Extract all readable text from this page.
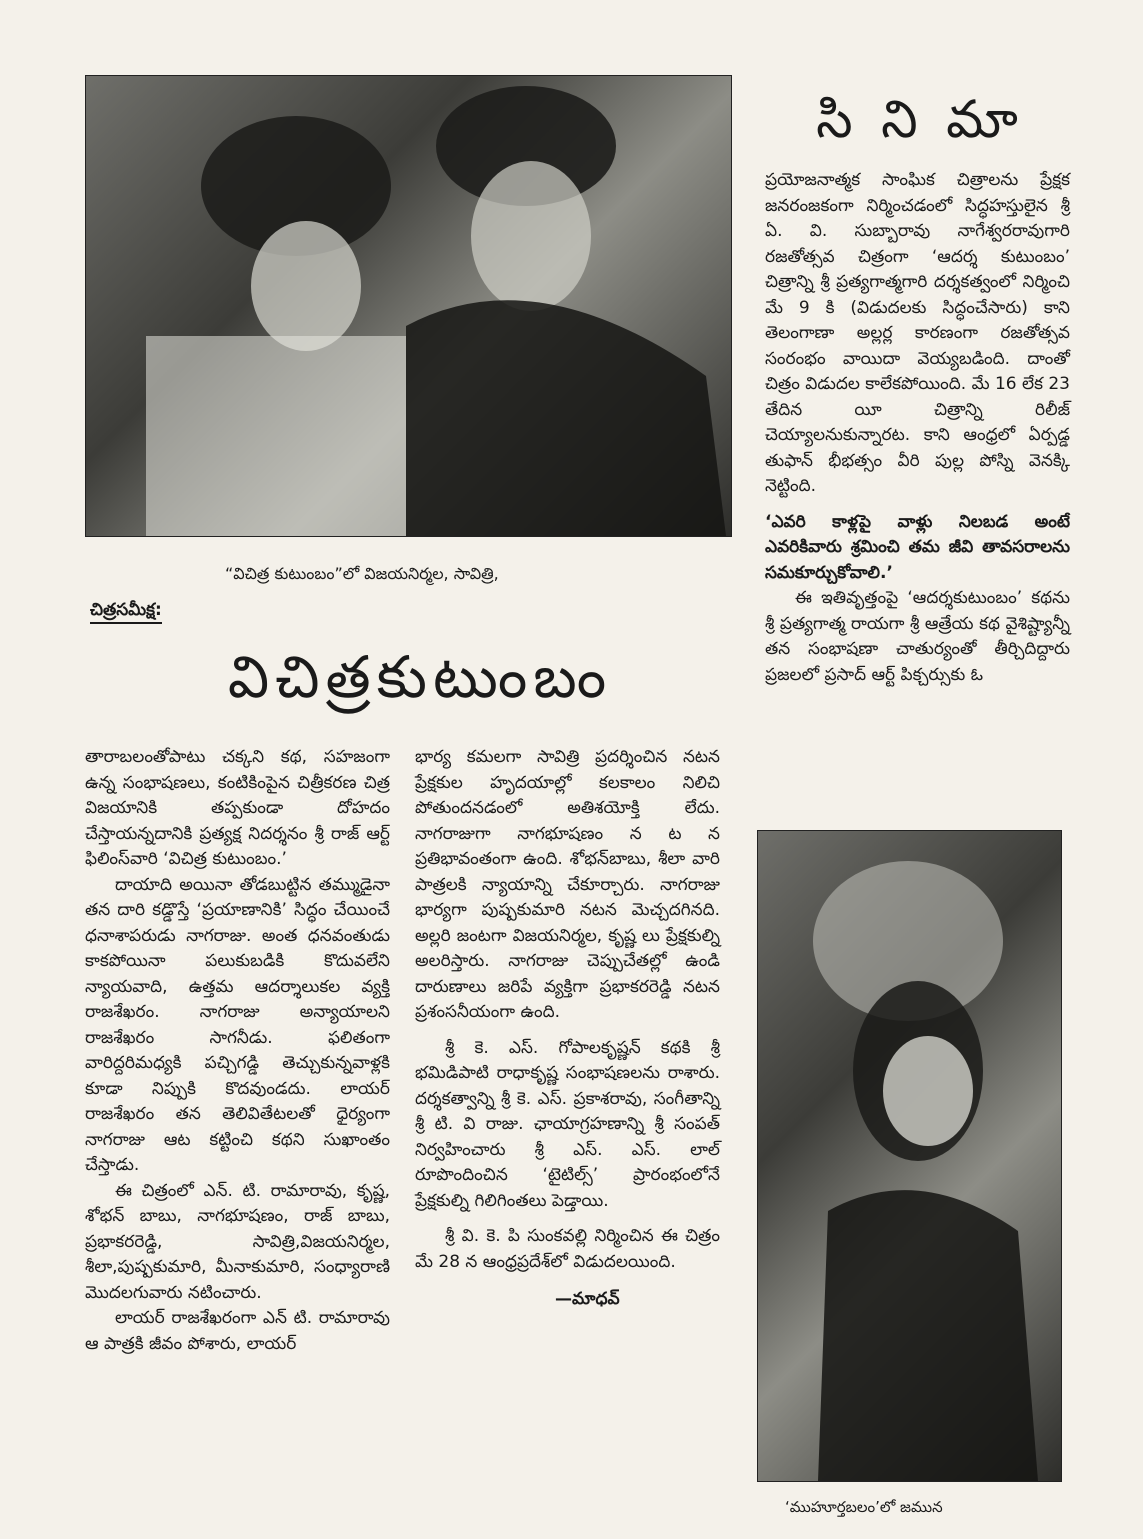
సి ని మా

ప్రయోజనాత్మక సాంఘిక చిత్రాలను ప్రేక్షక జనరంజకంగా నిర్మించడంలో సిద్ధహస్తులైన శ్రీ ఏ. వి. సుబ్బారావు నాగేశ్వరరావుగారి రజతోత్సవ చిత్రంగా ‘ఆదర్శ కుటుంబం’ చిత్రాన్ని శ్రీ ప్రత్యగాత్మగారి దర్శకత్వంలో నిర్మించి మే 9 కి (విడుదలకు సిద్ధంచేసారు) కాని తెలంగాణా అల్లర్ల కారణంగా రజతోత్సవ సంరంభం వాయిదా వెయ్యబడింది. దాంతో చిత్రం విడుదల కాలేకపోయింది. మే 16 లేక 23 తేదిన యీ చిత్రాన్ని రిలీజ్ చెయ్యాలనుకున్నారట. కాని ఆంధ్రలో ఏర్పడ్డ తుఫాన్ భీభత్సం వీరి పుల్ల పోస్ని వెనక్కి నెట్టింది.

‘ఎవరి కాళ్లపై వాళ్లు నిలబడ అంటే ఎవరికివారు శ్రమించి తమ జీవి తావసరాలను సమకూర్చుకోవాలి.’

ఈ ఇతివృత్తంపై ‘ఆదర్శకుటుంబం’ కథను శ్రీ ప్రత్యగాత్మ రాయగా శ్రీ ఆత్రేయ కథ వైశిష్ట్యాన్నీ తన సంభాషణా చాతుర్యంతో తీర్చిదిద్దారు ప్రజలలో ప్రసాద్ ఆర్ట్ పిక్చర్సుకు ఓ

“విచిత్ర కుటుంబం”లో విజయనిర్మల, సావిత్రి,
చిత్రసమీక్ష:
విచిత్రకుటుంబం

తారాబలంతోపాటు చక్కని కథ, సహజంగా ఉన్న సంభాషణలు, కంటికింపైన చిత్రీకరణ చిత్ర విజయానికి తప్పకుండా దోహదం చేస్తాయన్నదానికి ప్రత్యక్ష నిదర్శనం శ్రీ రాజ్ ఆర్ట్ ఫిలింస్‌వారి ‘విచిత్ర కుటుంబం.’

దాయాది అయినా తోడబుట్టిన తమ్ముడైనా తన దారి కడ్డొస్తే ‘ప్రయాణానికి’ సిద్ధం చేయించే ధనాశాపరుడు నాగరాజు. అంత ధనవంతుడు కాకపోయినా పలుకుబడికి కొదువలేని న్యాయవాది, ఉత్తమ ఆదర్శాలుకల వ్యక్తి రాజశేఖరం. నాగరాజు అన్యాయాలని రాజశేఖరం సాగనీడు. ఫలితంగా వారిద్దరిమధ్యకి పచ్చిగడ్డి తెచ్చుకున్నవాళ్లకి కూడా నిప్పుకి కొదవుండదు. లాయర్ రాజశేఖరం తన తెలివితేటలతో ధైర్యంగా నాగరాజు ఆట కట్టించి కథని సుఖాంతం చేస్తాడు.

ఈ చిత్రంలో ఎన్. టి. రామారావు, కృష్ణ, శోభన్ బాబు, నాగభూషణం, రాజ్ బాబు, ప్రభాకరరెడ్డి, సావిత్రి,విజయనిర్మల, శీలా,పుష్పకుమారి, మీనాకుమారి, సంధ్యారాణి మొదలగువారు నటించారు.

లాయర్ రాజశేఖరంగా ఎన్ టి. రామారావు ఆ పాత్రకి జీవం పోశారు, లాయర్

భార్య కమలగా సావిత్రి ప్రదర్శించిన నటన ప్రేక్షకుల హృదయాల్లో కలకాలం నిలిచి పోతుందనడంలో అతిశయోక్తి లేదు. నాగరాజుగా నాగభూషణం న ట న ప్రతిభావంతంగా ఉంది. శోభన్‌బాబు, శీలా వారి పాత్రలకి న్యాయాన్ని చేకూర్చారు. నాగరాజు భార్యగా పుష్పకుమారి నటన మెచ్చదగినది. అల్లరి జంటగా విజయనిర్మల, కృష్ణ లు ప్రేక్షకుల్ని అలరిస్తారు. నాగరాజు చెప్పుచేతల్లో ఉండి దారుణాలు జరిపే వ్యక్తిగా ప్రభాకరరెడ్డి నటన ప్రశంసనీయంగా ఉంది.

శ్రీ కె. ఎస్. గోపాలకృష్ణన్ కథకి శ్రీ భమిడిపాటి రాధాకృష్ణ సంభాషణలను రాశారు. దర్శకత్వాన్ని శ్రీ కె. ఎస్. ప్రకాశరావు, సంగీతాన్ని శ్రీ టి. వి రాజు. ఛాయాగ్రహణాన్ని శ్రీ సంపత్ నిర్వహించారు శ్రీ ఎస్. ఎస్. లాల్ రూపొందించిన ‘టైటిల్స్’ ప్రారంభంలోనే ప్రేక్షకుల్ని గిలిగింతలు పెడ్తాయి.

శ్రీ వి. కె. పి సుంకవల్లి నిర్మించిన ఈ చిత్రం మే 28 న ఆంధ్రప్రదేశ్‌లో విడుదలయింది.

—మాధవ్
‘ముహూర్తబలం’లో జమున
